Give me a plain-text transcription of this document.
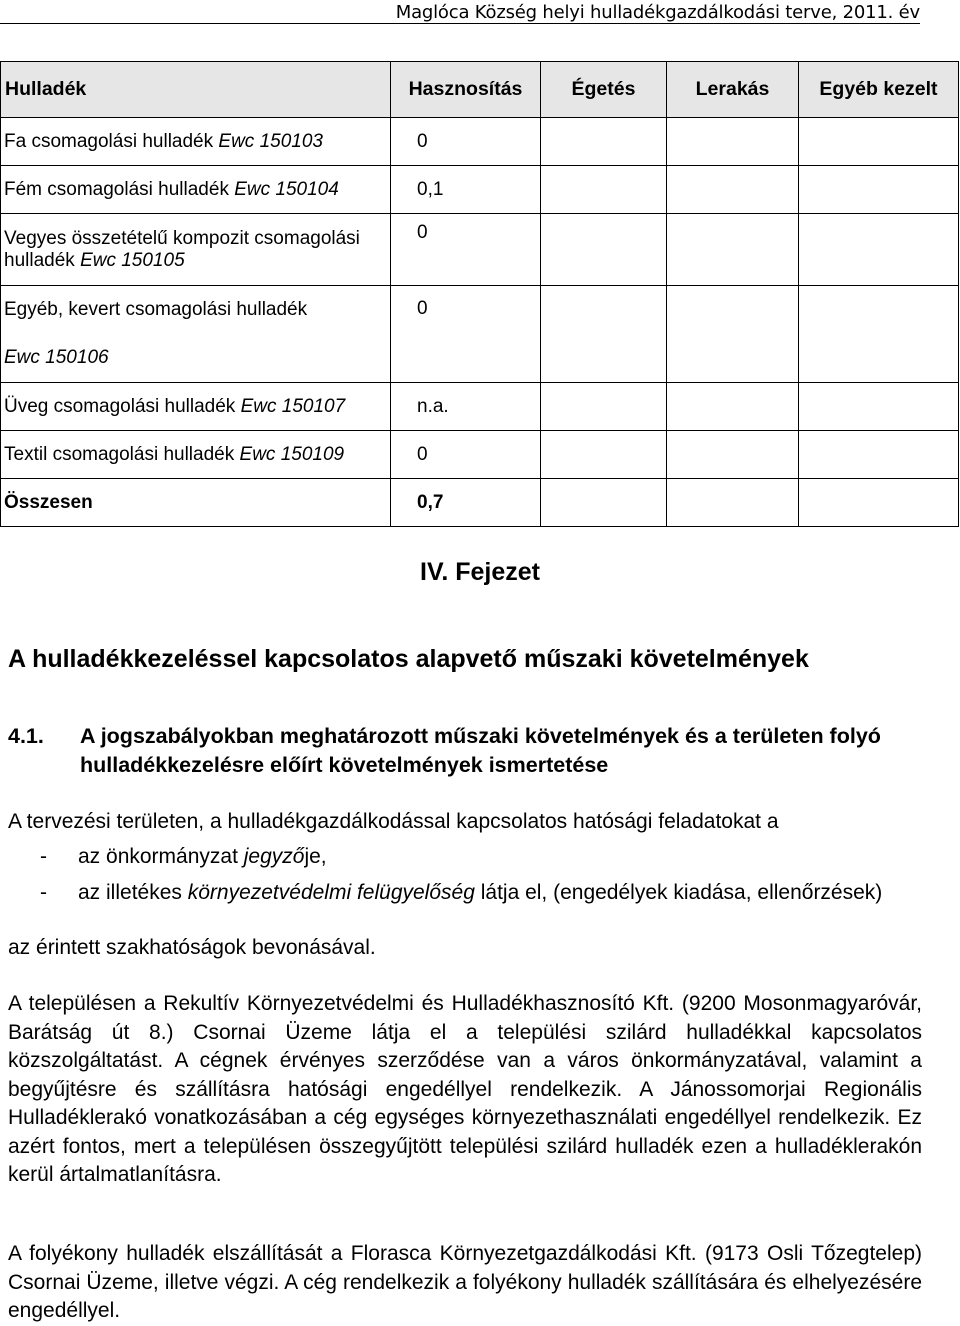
Maglóca Község helyi hulladékgazdálkodási terve, 2011. év
Hulladék	Hasznosítás	Égetés	Lerakás	Egyéb kezelt
Fa csomagolási hulladék Ewc 150103	0			
Fém csomagolási hulladék Ewc 150104	0,1			
Vegyes összetételű kompozit csomagolási hulladék Ewc 150105	0			
Egyéb, kevert csomagolási hulladék
Ewc 150106	0			
Üveg csomagolási hulladék Ewc 150107	n.a.			
Textil csomagolási hulladék Ewc 150109	0			
Összesen	0,7			
IV. Fejezet
A hulladékkezeléssel kapcsolatos alapvető műszaki követelmények
4.1. A jogszabályokban meghatározott műszaki követelmények és a területen folyó hulladékkezelésre előírt követelmények ismertetése
A tervezési területen, a hulladékgazdálkodással kapcsolatos hatósági feladatokat a
- az önkormányzat jegyzője,
- az illetékes környezetvédelmi felügyelőség látja el, (engedélyek kiadása, ellenőrzések)
az érintett szakhatóságok bevonásával.
A településen a Rekultív Környezetvédelmi és Hulladékhasznosító Kft. (9200 Mosonmagyaróvár, Barátság út 8.) Csornai Üzeme látja el a települési szilárd hulladékkal kapcsolatos közszolgáltatást. A cégnek érvényes szerződése van a város önkormányzatával, valamint a begyűjtésre és szállításra hatósági engedéllyel rendelkezik. A Jánossomorjai Regionális Hulladéklerakó vonatkozásában a cég egységes környezethasználati engedéllyel rendelkezik. Ez azért fontos, mert a településen összegyűjtött települési szilárd hulladék ezen a hulladéklerakón kerül ártalmatlanításra.
A folyékony hulladék elszállítását a Florasca Környezetgazdálkodási Kft. (9173 Osli Tőzegtelep) Csornai Üzeme, illetve végzi. A cég rendelkezik a folyékony hulladék szállítására és elhelyezésére engedéllyel.
